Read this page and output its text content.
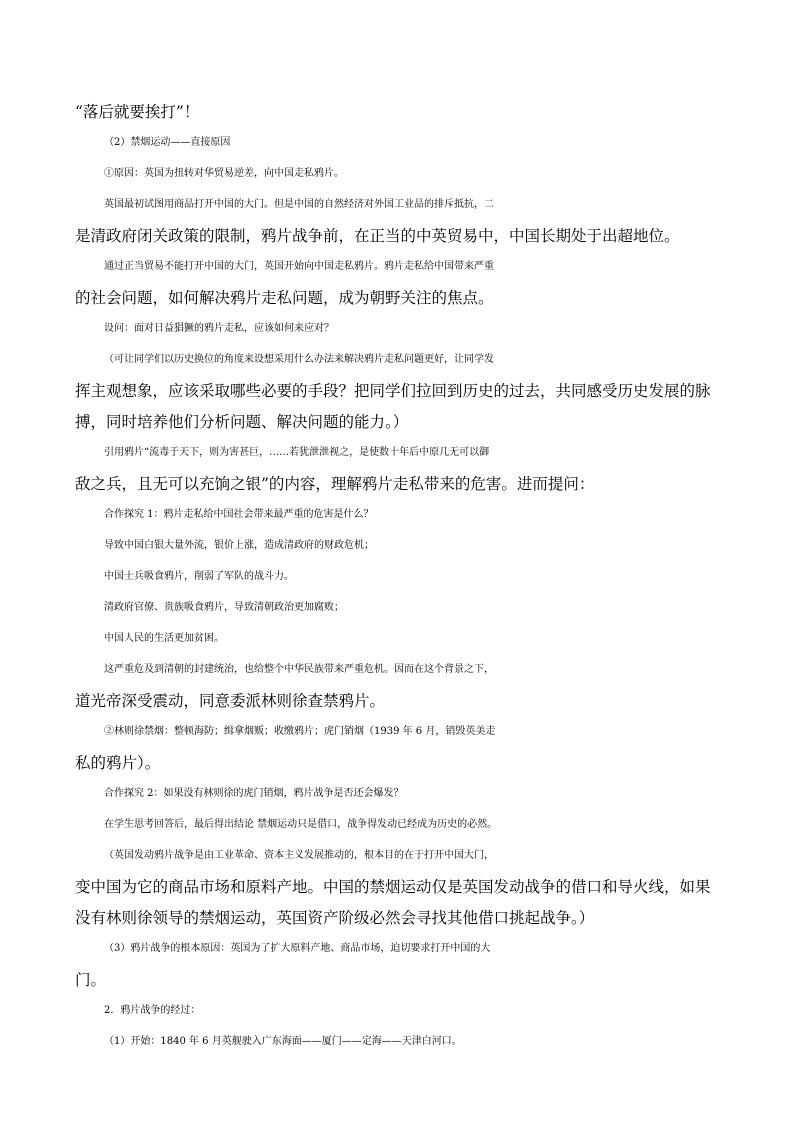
“落后就要挨打”！
（2）禁烟运动——直接原因
①原因：英国为扭转对华贸易逆差，向中国走私鸦片。
英国最初试图用商品打开中国的大门。但是中国的自然经济对外国工业品的排斥抵抗，二
是清政府闭关政策的限制，鸦片战争前，在正当的中英贸易中，中国长期处于出超地位。
通过正当贸易不能打开中国的大门，英国开始向中国走私鸦片。鸦片走私给中国带来严重
的社会问题，如何解决鸦片走私问题，成为朝野关注的焦点。
设问：面对日益猖獗的鸦片走私，应该如何来应对？
（可让同学们以历史换位的角度来设想采用什么办法来解决鸦片走私问题更好，让同学发
挥主观想象，应该采取哪些必要的手段？把同学们拉回到历史的过去，共同感受历史发展的脉
搏，同时培养他们分析问题、解决问题的能力。）
引用鸦片“流毒于天下，则为害甚巨，……若犹泄泄视之，是使数十年后中原几无可以御
敌之兵，且无可以充饷之银”的内容，理解鸦片走私带来的危害。进而提问：
合作探究 1：鸦片走私给中国社会带来最严重的危害是什么？
导致中国白银大量外流，银价上涨，造成清政府的财政危机；
中国士兵吸食鸦片，削弱了军队的战斗力。
清政府官僚、贵族吸食鸦片，导致清朝政治更加腐败；
中国人民的生活更加贫困。
这严重危及到清朝的封建统治，也给整个中华民族带来严重危机。因而在这个背景之下，
道光帝深受震动，同意委派林则徐查禁鸦片。
②林则徐禁烟：整顿海防；缉拿烟贩；收缴鸦片；虎门销烟（1939 年 6 月，销毁英美走
私的鸦片）。
合作探究 2：如果没有林则徐的虎门销烟，鸦片战争是否还会爆发？
在学生思考回答后，最后得出结论 禁烟运动只是借口，战争得发动已经成为历史的必然。
（英国发动鸦片战争是由工业革命、资本主义发展推动的，根本目的在于打开中国大门，
变中国为它的商品市场和原料产地。中国的禁烟运动仅是英国发动战争的借口和导火线，如果
没有林则徐领导的禁烟运动，英国资产阶级必然会寻找其他借口挑起战争。）
（3）鸦片战争的根本原因：英国为了扩大原料产地、商品市场，迫切要求打开中国的大
门。
2．鸦片战争的经过：
（1）开始：1840 年 6 月英舰驶入广东海面——厦门——定海——天津白河口。
